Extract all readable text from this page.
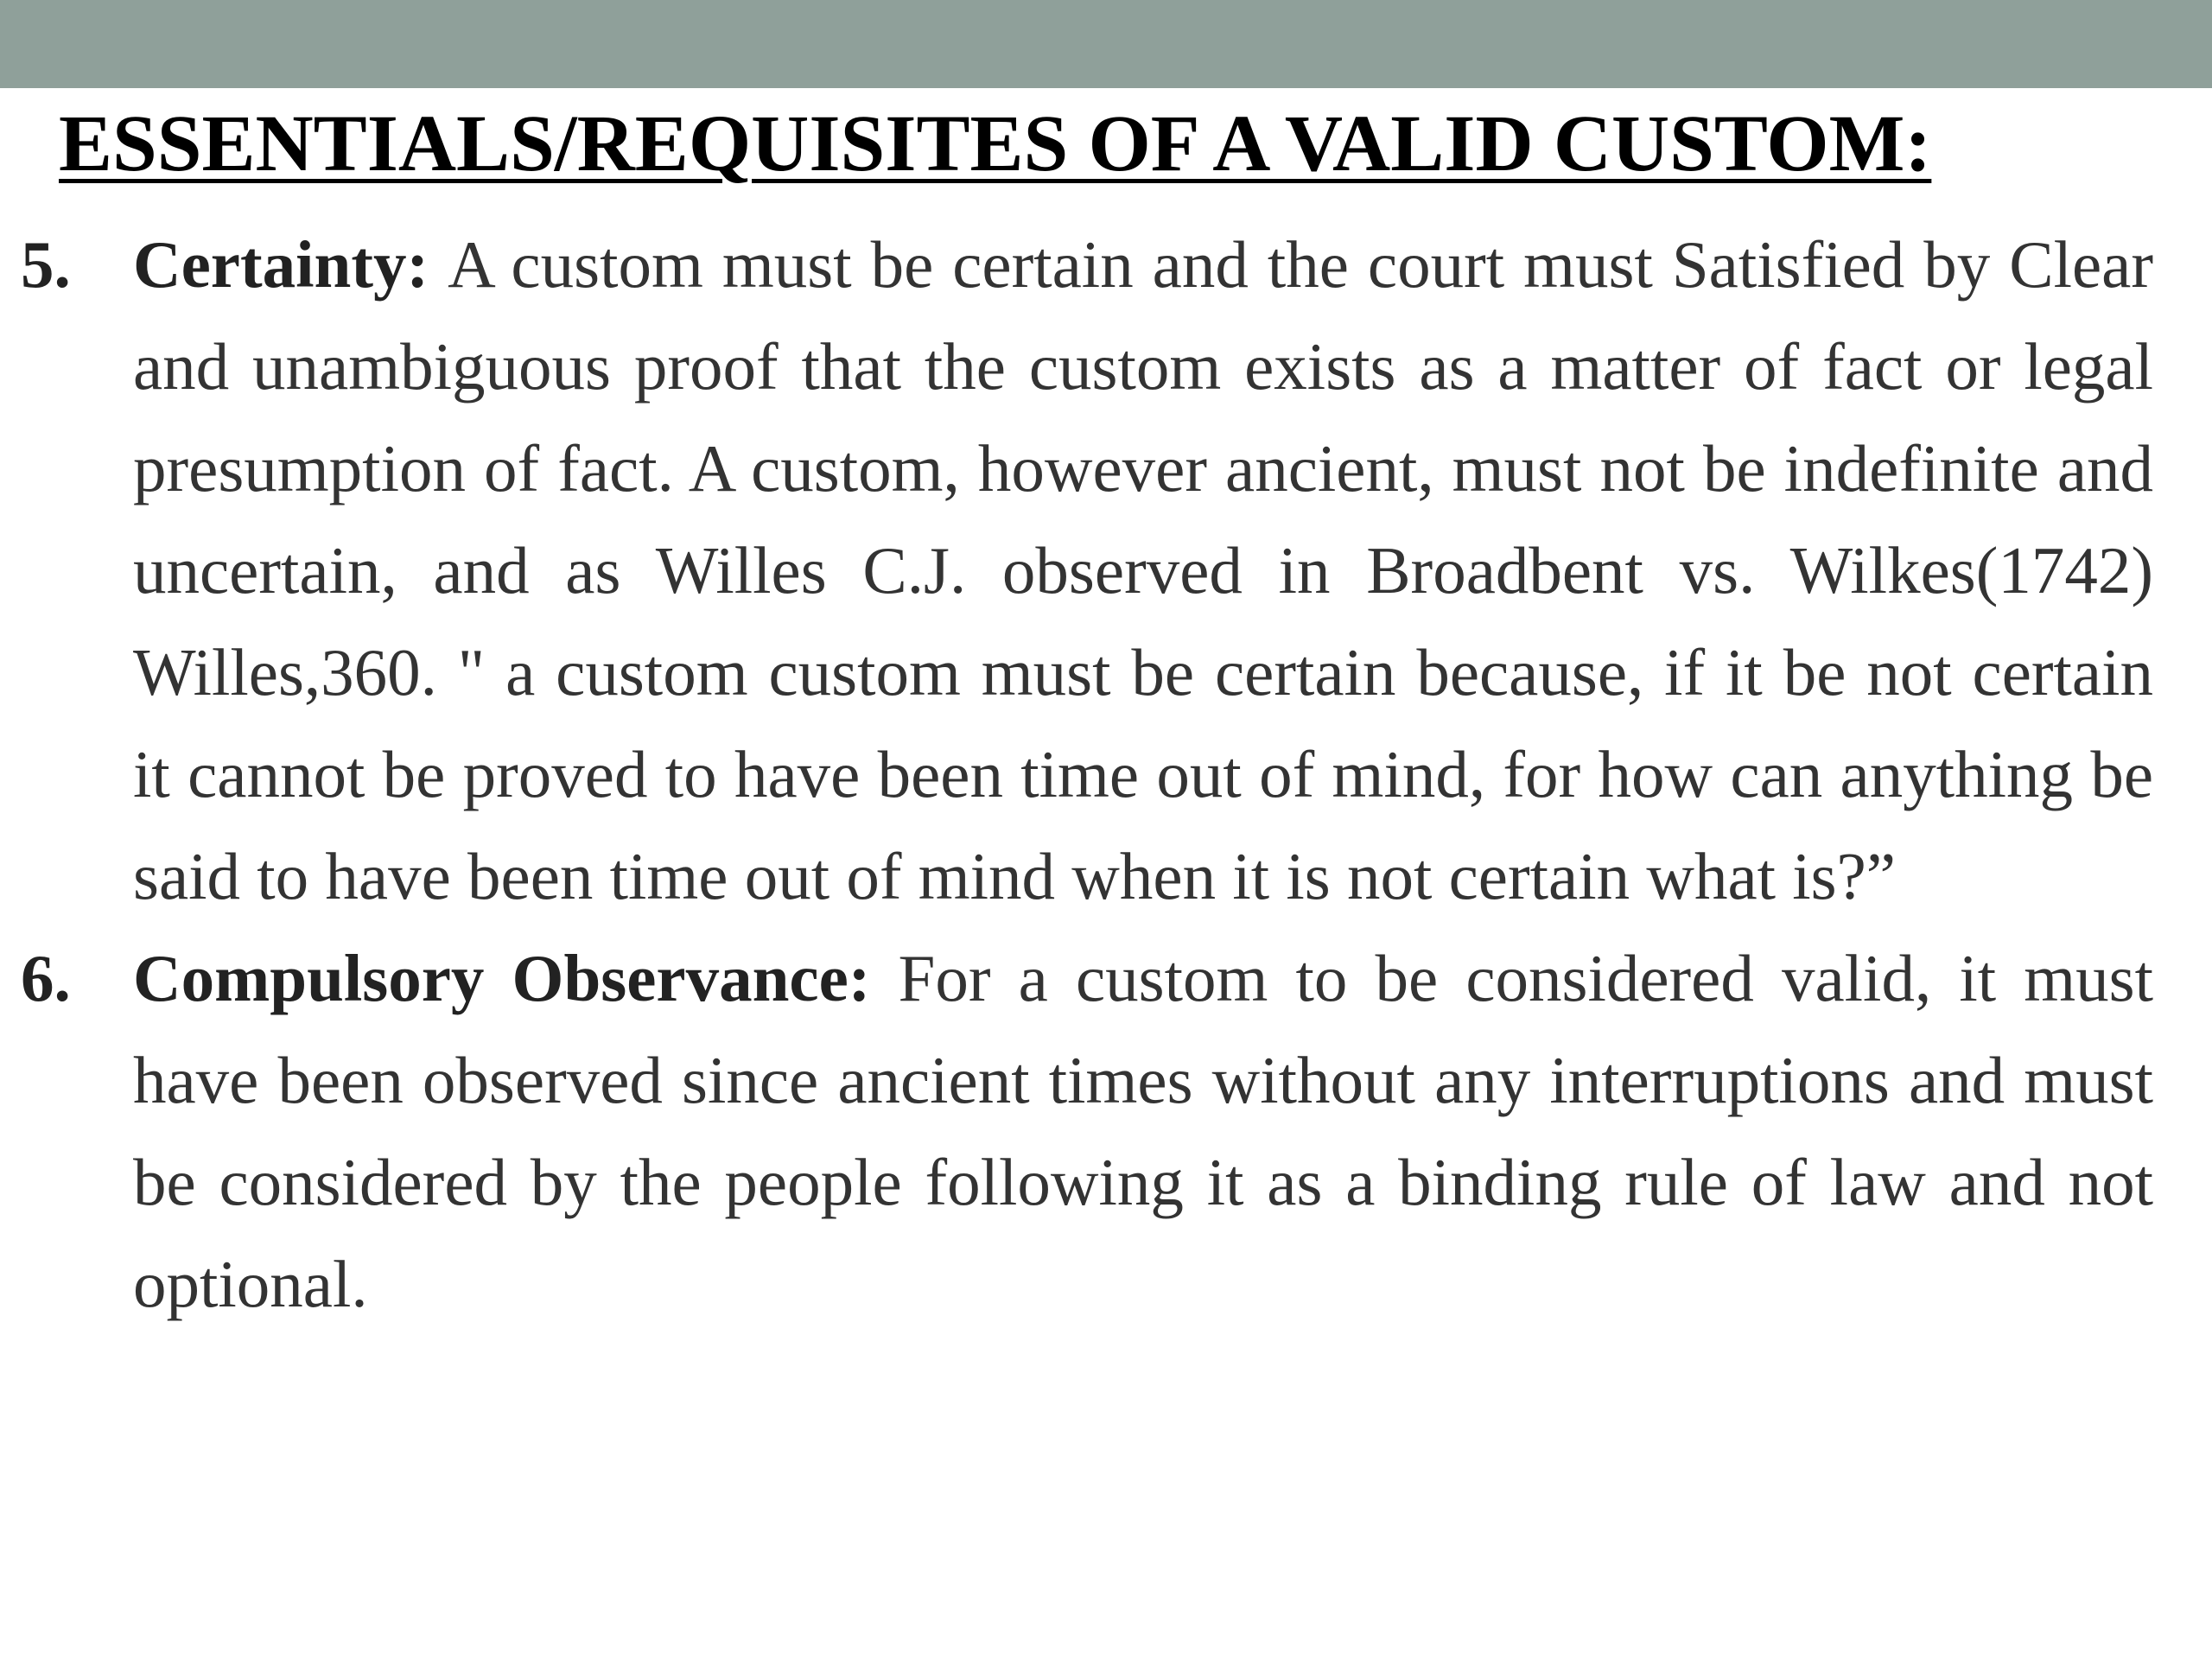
ESSENTIALS/REQUISITES OF A VALID CUSTOM:
5. Certainty: A custom must be certain and the court must Satisfied by Clear and unambiguous proof that the custom exists as a matter of fact or legal presumption of fact. A custom, however ancient, must not be indefinite and uncertain, and as Willes C.J. observed in Broadbent vs. Wilkes(1742) Willes,360. " a custom custom must be certain because, if it be not certain it cannot be proved to have been time out of mind, for how can anything be said to have been time out of mind when it is not certain what is?”
6. Compulsory Observance: For a custom to be considered valid, it must have been observed since ancient times without any interruptions and must be considered by the people following it as a binding rule of law and not optional.
